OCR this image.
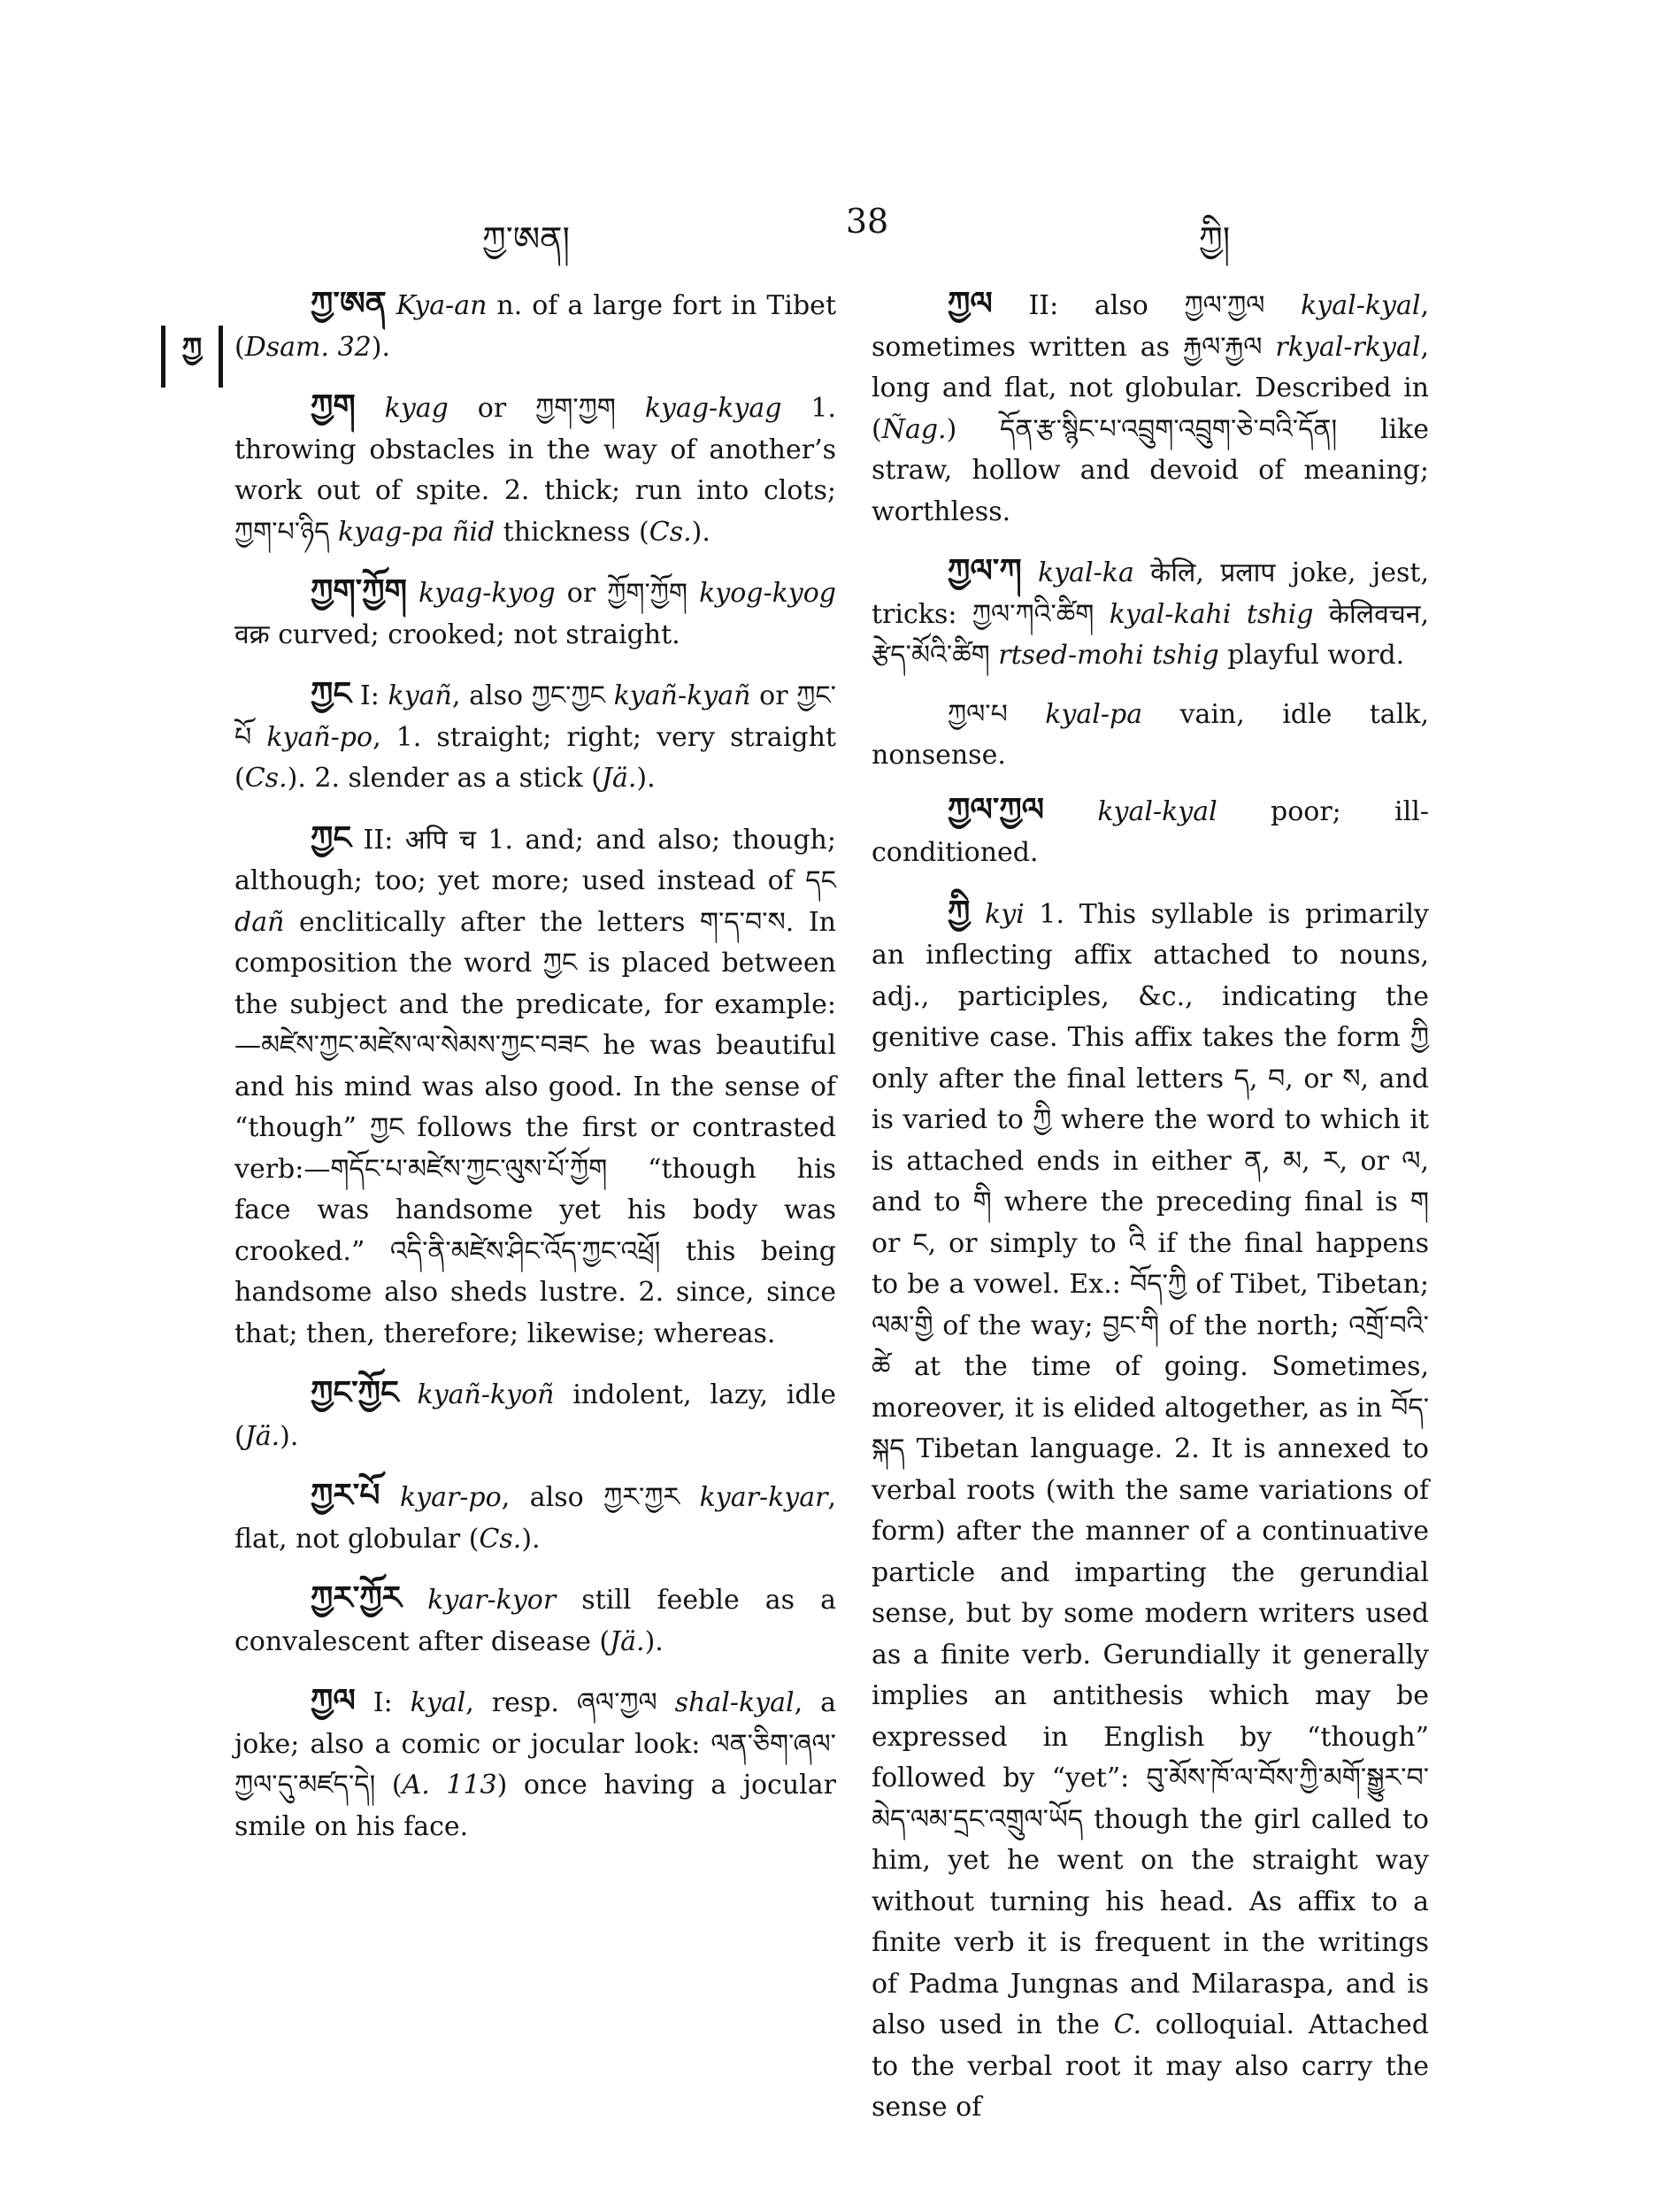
ཀྱ་ཨན།	38	ཀྱི།
ཀྱ

ཀྱ་ཨན Kya-an n. of a large fort in Tibet (Dsam. 32).

ཀྱག kyag or ཀྱག་ཀྱག kyag-kyag 1. throwing obstacles in the way of another’s work out of spite. 2. thick; run into clots; ཀྱག་པ་ཉིད kyag-pa ñid thickness (Cs.).

ཀྱག་ཀྱོག kyag-kyog or ཀྱོག་ཀྱོག kyog-kyog वक्र curved; crooked; not straight.

ཀྱང I: kyañ, also ཀྱང་ཀྱང kyañ-kyañ or ཀྱང་པོ kyañ-po, 1. straight; right; very straight (Cs.). 2. slender as a stick (Jä.).

ཀྱང II: अपि च 1. and; and also; though; although; too; yet more; used instead of དང dañ enclitically after the letters ག་ད་བ་ས. In composition the word ཀྱང is placed between the subject and the predicate, for example:—མཛེས་ཀྱང་མཛེས་ལ་སེམས་ཀྱང་བཟང he was beautiful and his mind was also good. In the sense of “though” ཀྱང follows the first or contrasted verb:—གདོང་པ་མཛེས་ཀྱང་ལུས་པོ་ཀྱོག “though his face was handsome yet his body was crooked.” འདི་ནི་མཛེས་ཤིང་འོད་ཀྱང་འཕྲོ། this being handsome also sheds lustre. 2. since, since that; then, therefore; likewise; whereas.

ཀྱང་ཀྱོང kyañ-kyoñ indolent, lazy, idle (Jä.).

ཀྱར་པོ kyar-po, also ཀྱར་ཀྱར kyar-kyar, flat, not globular (Cs.).

ཀྱར་ཀྱོར kyar-kyor still feeble as a convalescent after disease (Jä.).

ཀྱལ I: kyal, resp. ཞལ་ཀྱལ shal-kyal, a joke; also a comic or jocular look: ལན་ཅིག་ཞལ་ཀྱལ་དུ་མཛད་དེ། (A. 113) once having a jocular smile on his face.

ཀྱལ II: also ཀྱལ་ཀྱལ kyal-kyal, sometimes written as རྐྱལ་རྐྱལ rkyal-rkyal, long and flat, not globular. Described in (Ñag.) དོན་རྩ་སྙིང་པ་འབྲུག་འབྲུག་ཅེ་བའི་དོན། like straw, hollow and devoid of meaning; worthless.

ཀྱལ་ཀ kyal-ka केलि, प्रलाप joke, jest, tricks: ཀྱལ་ཀའི་ཚིག kyal-kahi tshig केलिवचन, རྩེད་མོའི་ཚིག rtsed-mohi tshig playful word.

ཀྱལ་པ kyal-pa vain, idle talk, nonsense.

ཀྱལ་ཀྱལ kyal-kyal poor; ill-conditioned.

ཀྱི kyi 1. This syllable is primarily an inflecting affix attached to nouns, adj., participles, &c., indicating the genitive case. This affix takes the form ཀྱི only after the final letters ད, བ, or ས, and is varied to ཀྱི where the word to which it is attached ends in either ན, མ, ར, or ལ, and to གི where the preceding final is ག or ང, or simply to འི if the final happens to be a vowel. Ex.: བོད་ཀྱི of Tibet, Tibetan; ལམ་གྱི of the way; བྱང་གི of the north; འགྲོ་བའི་ཚེ at the time of going. Sometimes, moreover, it is elided altogether, as in བོད་སྐད Tibetan language. 2. It is annexed to verbal roots (with the same variations of form) after the manner of a continuative particle and imparting the gerundial sense, but by some modern writers used as a finite verb. Gerundially it generally implies an antithesis which may be expressed in English by “though” followed by “yet”: བུ་མོས་ཁོ་ལ་བོས་ཀྱི་མགོ་སྒྱུར་བ་མེད་ལམ་དྲང་འགྲུལ་ཡོད though the girl called to him, yet he went on the straight way without turning his head. As affix to a finite verb it is frequent in the writings of Padma Jungnas and Milaraspa, and is also used in the C. colloquial. Attached to the verbal root it may also carry the sense of
